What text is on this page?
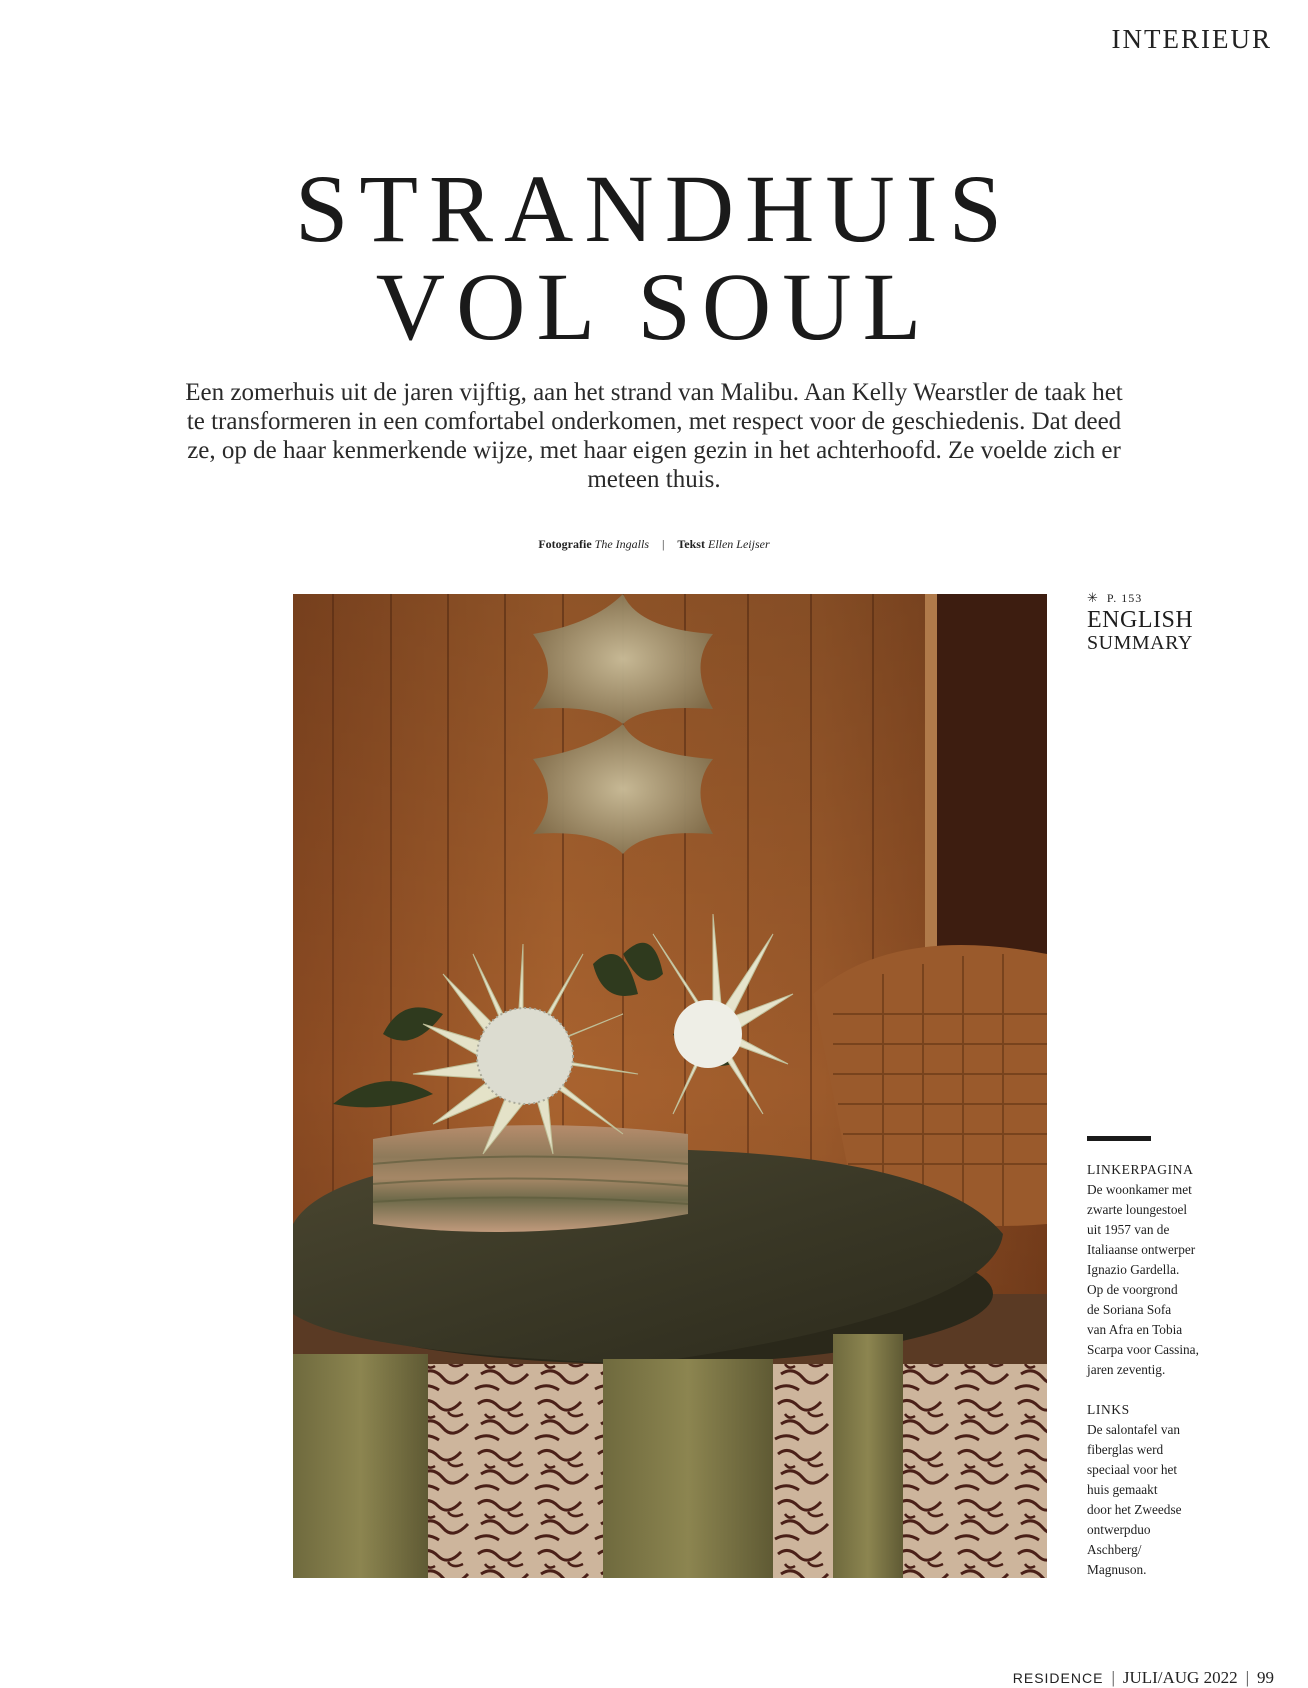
INTERIEUR
STRANDHUIS
VOL SOUL

Een zomerhuis uit de jaren vijftig, aan het strand van Malibu. Aan Kelly Wearstler de taak het te transformeren in een comfortabel onderkomen, met respect voor de geschiedenis. Dat deed ze, op de haar kenmerkende wijze, met haar eigen gezin in het achterhoofd. Ze voelde zich er meteen thuis.

Fotografie The Ingalls | Tekst Ellen Leijser
✳ P. 153
ENGLISH
SUMMARY
LINKERPAGINA
De woonkamer met
zwarte loungestoel
uit 1957 van de
Italiaanse ontwerper
Ignazio Gardella.
Op de voorgrond
de Soriana Sofa
van Afra en Tobia
Scarpa voor Cassina,
jaren zeventig.
LINKS
De salontafel van
fiberglas werd
speciaal voor het
huis gemaakt
door het Zweedse
ontwerpduo
Aschberg/
Magnuson.
RESIDENCE | JULI/AUG 2022 | 99
